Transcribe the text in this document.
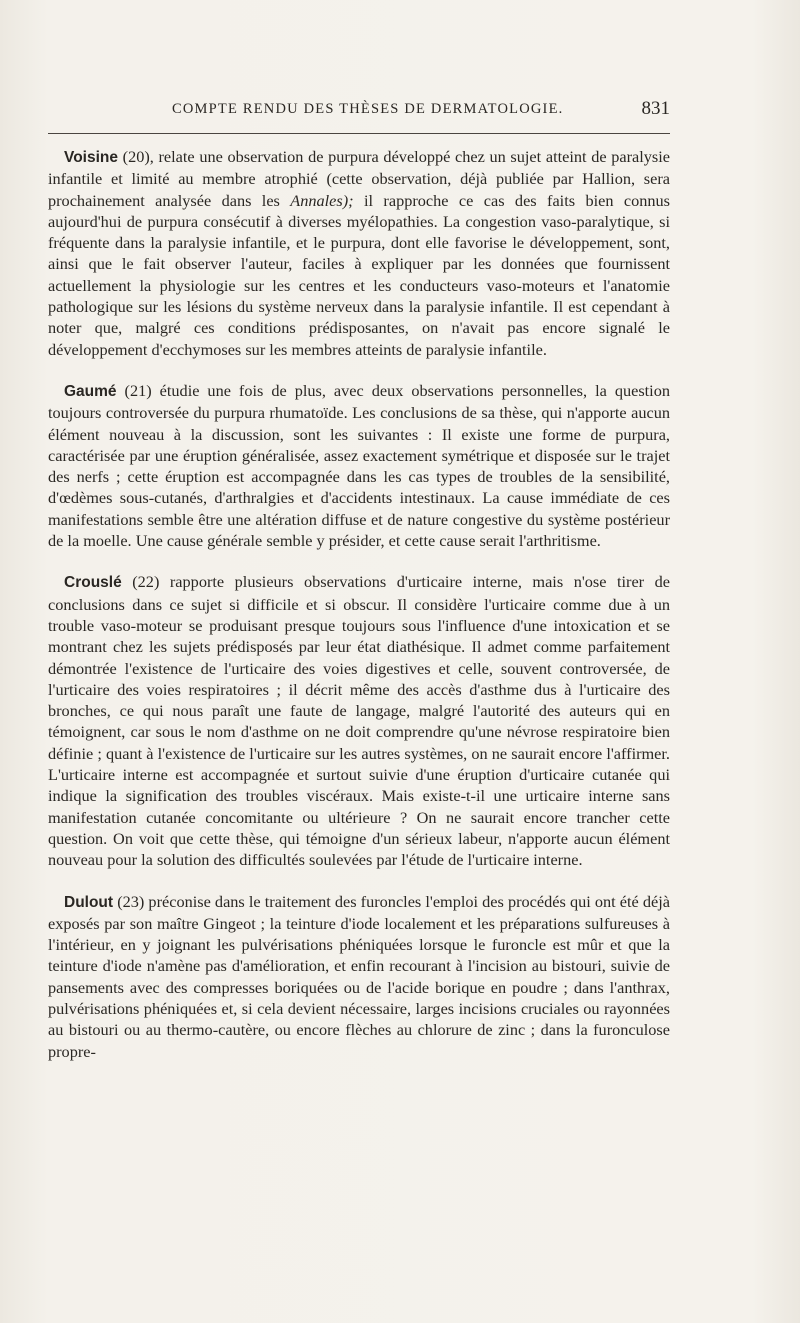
COMPTE RENDU DES THÈSES DE DERMATOLOGIE.	831

Voisine (20), relate une observation de purpura développé chez un sujet atteint de paralysie infantile et limité au membre atrophié (cette observation, déjà publiée par Hallion, sera prochainement analysée dans les Annales); il rapproche ce cas des faits bien connus aujourd'hui de purpura consécutif à diverses myélopathies. La congestion vaso-paralytique, si fréquente dans la paralysie infantile, et le purpura, dont elle favorise le développement, sont, ainsi que le fait observer l'auteur, faciles à expliquer par les données que fournissent actuellement la physiologie sur les centres et les conducteurs vaso-moteurs et l'anatomie pathologique sur les lésions du système nerveux dans la paralysie infantile. Il est cependant à noter que, malgré ces conditions prédisposantes, on n'avait pas encore signalé le développement d'ecchymoses sur les membres atteints de paralysie infantile.

Gaumé (21) étudie une fois de plus, avec deux observations personnelles, la question toujours controversée du purpura rhumatoïde. Les conclusions de sa thèse, qui n'apporte aucun élément nouveau à la discussion, sont les suivantes : Il existe une forme de purpura, caractérisée par une éruption généralisée, assez exactement symétrique et disposée sur le trajet des nerfs ; cette éruption est accompagnée dans les cas types de troubles de la sensibilité, d'œdèmes sous-cutanés, d'arthralgies et d'accidents intestinaux. La cause immédiate de ces manifestations semble être une altération diffuse et de nature congestive du système postérieur de la moelle. Une cause générale semble y présider, et cette cause serait l'arthritisme.

Crouslé (22) rapporte plusieurs observations d'urticaire interne, mais n'ose tirer de conclusions dans ce sujet si difficile et si obscur. Il considère l'urticaire comme due à un trouble vaso-moteur se produisant presque toujours sous l'influence d'une intoxication et se montrant chez les sujets prédisposés par leur état diathésique. Il admet comme parfaitement démontrée l'existence de l'urticaire des voies digestives et celle, souvent controversée, de l'urticaire des voies respiratoires ; il décrit même des accès d'asthme dus à l'urticaire des bronches, ce qui nous paraît une faute de langage, malgré l'autorité des auteurs qui en témoignent, car sous le nom d'asthme on ne doit comprendre qu'une névrose respiratoire bien définie ; quant à l'existence de l'urticaire sur les autres systèmes, on ne saurait encore l'affirmer. L'urticaire interne est accompagnée et surtout suivie d'une éruption d'urticaire cutanée qui indique la signification des troubles viscéraux. Mais existe-t-il une urticaire interne sans manifestation cutanée concomitante ou ultérieure ? On ne saurait encore trancher cette question. On voit que cette thèse, qui témoigne d'un sérieux labeur, n'apporte aucun élément nouveau pour la solution des difficultés soulevées par l'étude de l'urticaire interne.

Dulout (23) préconise dans le traitement des furoncles l'emploi des procédés qui ont été déjà exposés par son maître Gingeot ; la teinture d'iode localement et les préparations sulfureuses à l'intérieur, en y joignant les pulvérisations phéniquées lorsque le furoncle est mûr et que la teinture d'iode n'amène pas d'amélioration, et enfin recourant à l'incision au bistouri, suivie de pansements avec des compresses boriquées ou de l'acide borique en poudre ; dans l'anthrax, pulvérisations phéniquées et, si cela devient nécessaire, larges incisions cruciales ou rayonnées au bistouri ou au thermo-cautère, ou encore flèches au chlorure de zinc ; dans la furonculose propre-
